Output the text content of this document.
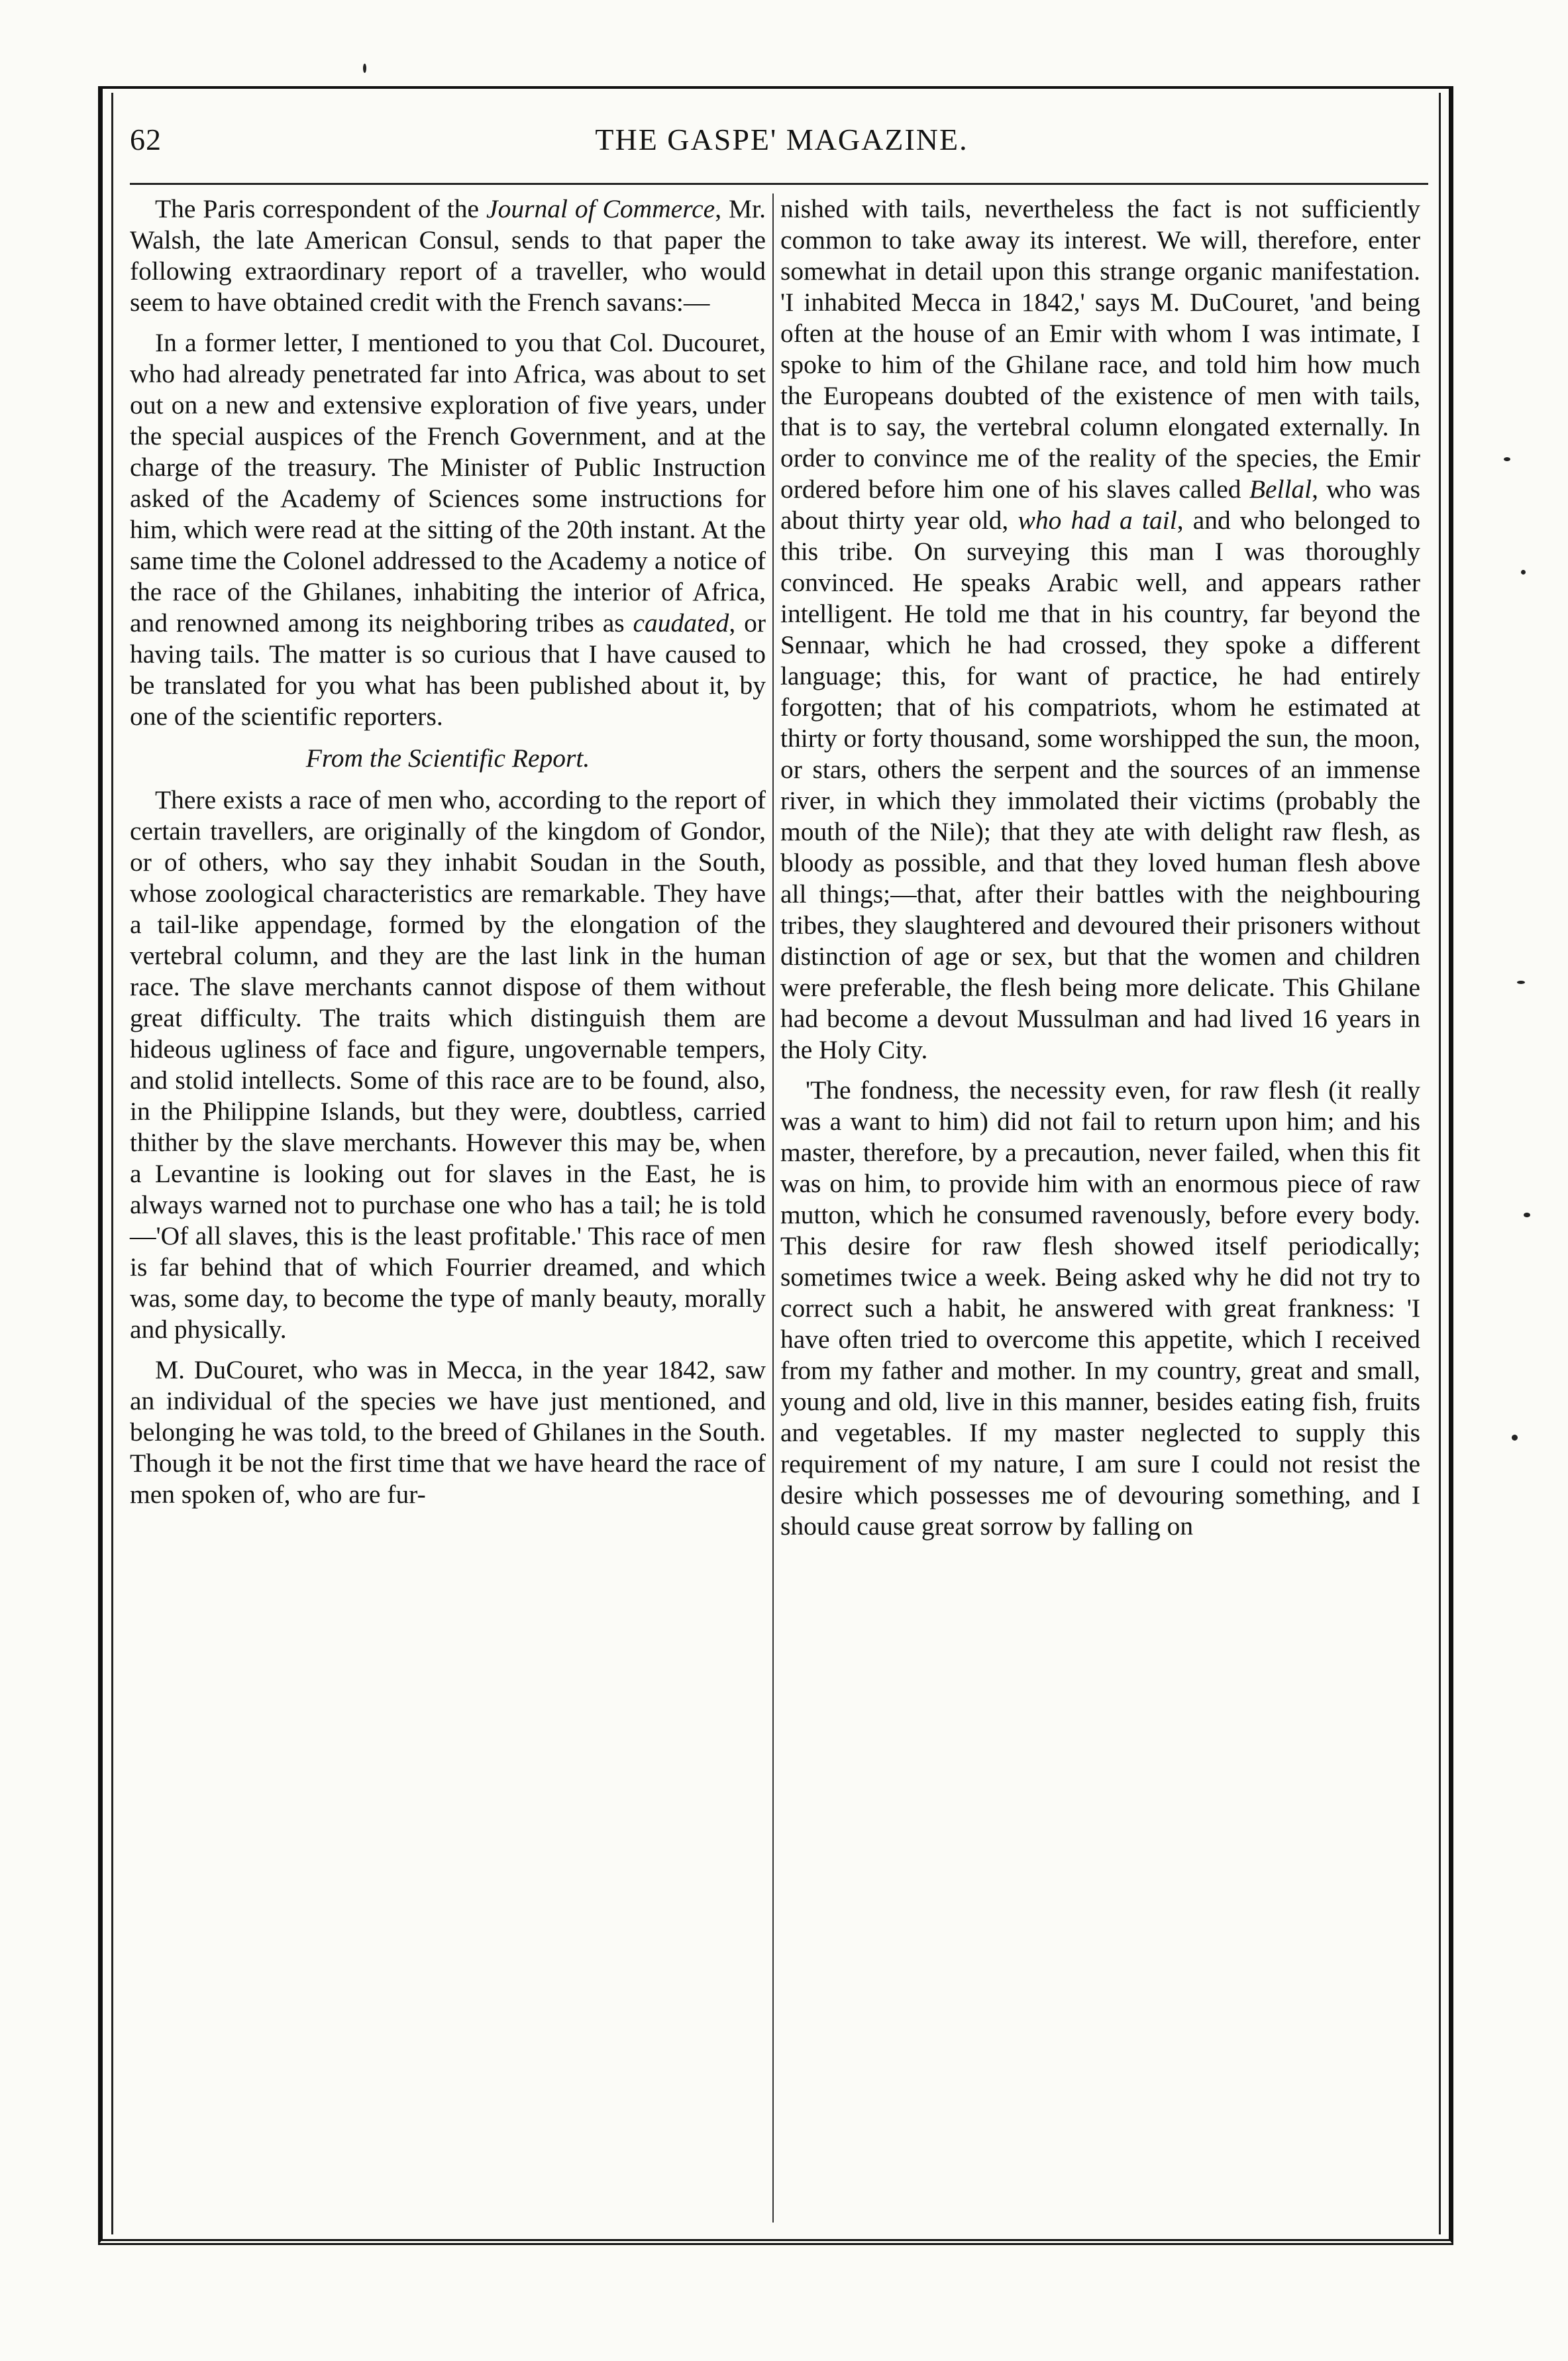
62	THE GASPE' MAGAZINE.

The Paris correspondent of the Journal of Commerce, Mr. Walsh, the late American Consul, sends to that paper the following extraordinary report of a traveller, who would seem to have obtained credit with the French savans:—

In a former letter, I mentioned to you that Col. Ducouret, who had already penetrated far into Africa, was about to set out on a new and extensive exploration of five years, under the special auspices of the French Government, and at the charge of the treasury. The Minister of Public Instruction asked of the Academy of Sciences some instructions for him, which were read at the sitting of the 20th instant. At the same time the Colonel addressed to the Academy a notice of the race of the Ghilanes, inhabiting the interior of Africa, and renowned among its neighboring tribes as caudated, or having tails. The matter is so curious that I have caused to be translated for you what has been published about it, by one of the scientific reporters.

From the Scientific Report.

There exists a race of men who, according to the report of certain travellers, are originally of the kingdom of Gondor, or of others, who say they inhabit Soudan in the South, whose zoological characteristics are remarkable. They have a tail-like appendage, formed by the elongation of the vertebral column, and they are the last link in the human race. The slave merchants cannot dispose of them without great difficulty. The traits which distinguish them are hideous ugliness of face and figure, ungovernable tempers, and stolid intellects. Some of this race are to be found, also, in the Philippine Islands, but they were, doubtless, carried thither by the slave merchants. However this may be, when a Levantine is looking out for slaves in the East, he is always warned not to purchase one who has a tail; he is told —'Of all slaves, this is the least profitable.' This race of men is far behind that of which Fourrier dreamed, and which was, some day, to become the type of manly beauty, morally and physically.

M. DuCouret, who was in Mecca, in the year 1842, saw an individual of the species we have just mentioned, and belonging he was told, to the breed of Ghilanes in the South. Though it be not the first time that we have heard the race of men spoken of, who are fur-

nished with tails, nevertheless the fact is not sufficiently common to take away its interest. We will, therefore, enter somewhat in detail upon this strange organic manifestation. 'I inhabited Mecca in 1842,' says M. DuCouret, 'and being often at the house of an Emir with whom I was intimate, I spoke to him of the Ghilane race, and told him how much the Europeans doubted of the existence of men with tails, that is to say, the vertebral column elongated externally. In order to convince me of the reality of the species, the Emir ordered before him one of his slaves called Bellal, who was about thirty year old, who had a tail, and who belonged to this tribe. On surveying this man I was thoroughly convinced. He speaks Arabic well, and appears rather intelligent. He told me that in his country, far beyond the Sennaar, which he had crossed, they spoke a different language; this, for want of practice, he had entirely forgotten; that of his compatriots, whom he estimated at thirty or forty thousand, some worshipped the sun, the moon, or stars, others the serpent and the sources of an immense river, in which they immolated their victims (probably the mouth of the Nile); that they ate with delight raw flesh, as bloody as possible, and that they loved human flesh above all things;—that, after their battles with the neighbouring tribes, they slaughtered and devoured their prisoners without distinction of age or sex, but that the women and children were preferable, the flesh being more delicate. This Ghilane had become a devout Mussulman and had lived 16 years in the Holy City.

'The fondness, the necessity even, for raw flesh (it really was a want to him) did not fail to return upon him; and his master, therefore, by a precaution, never failed, when this fit was on him, to provide him with an enormous piece of raw mutton, which he consumed ravenously, before every body. This desire for raw flesh showed itself periodically; sometimes twice a week. Being asked why he did not try to correct such a habit, he answered with great frankness: 'I have often tried to overcome this appetite, which I received from my father and mother. In my country, great and small, young and old, live in this manner, besides eating fish, fruits and vegetables. If my master neglected to supply this requirement of my nature, I am sure I could not resist the desire which possesses me of devouring something, and I should cause great sorrow by falling on
